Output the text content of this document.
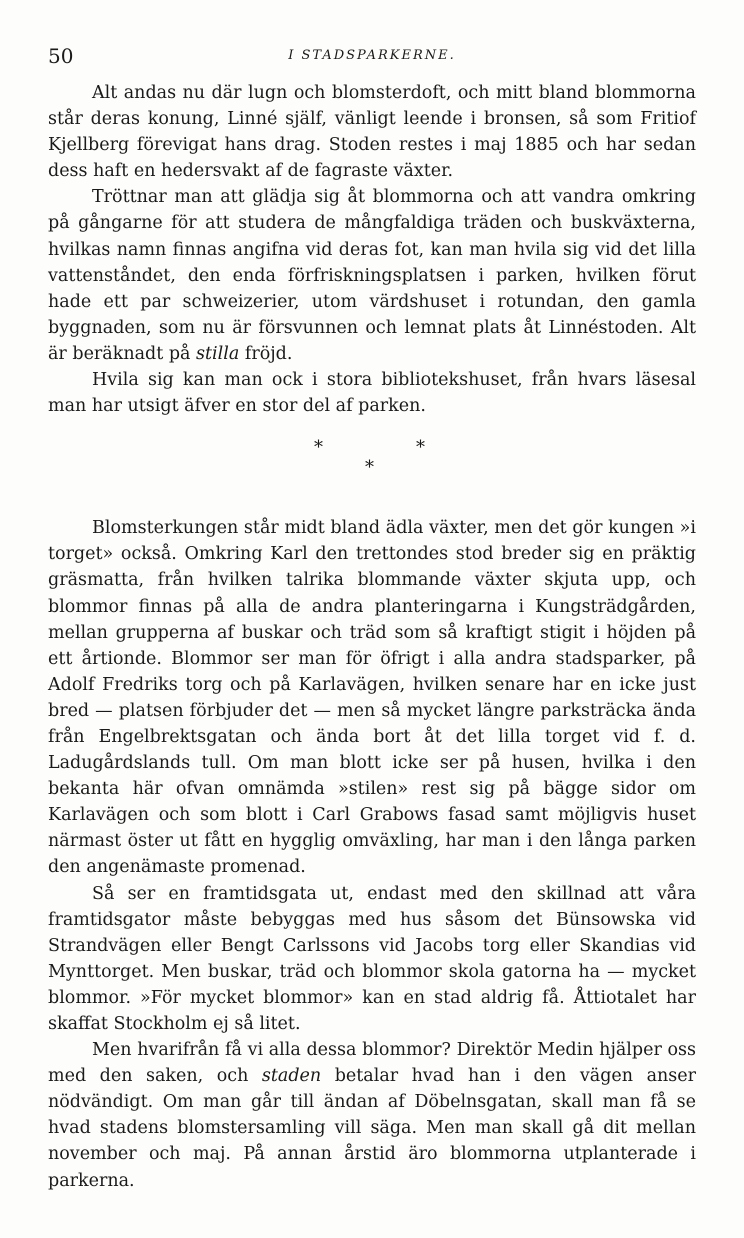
50	I STADSPARKERNE.

Alt andas nu där lugn och blomsterdoft, och mitt bland blommorna står deras konung, Linné själf, vänligt leende i bronsen, så som Fritiof Kjellberg förevigat hans drag. Stoden restes i maj 1885 och har sedan dess haft en hedersvakt af de fagraste växter.

Tröttnar man att glädja sig åt blommorna och att vandra omkring på gångarne för att studera de mångfaldiga träden och buskväxterna, hvilkas namn finnas angifna vid deras fot, kan man hvila sig vid det lilla vattenståndet, den enda förfriskningsplatsen i parken, hvilken förut hade ett par schweizerier, utom värdshuset i rotundan, den gamla byggnaden, som nu är försvunnen och lemnat plats åt Linnéstoden. Alt är beräknadt på stilla fröjd.

Hvila sig kan man ock i stora bibliotekshuset, från hvars läsesal man har utsigt äfver en stor del af parken.

*	*
*

Blomsterkungen står midt bland ädla växter, men det gör kungen »i torget» också. Omkring Karl den trettondes stod breder sig en präktig gräsmatta, från hvilken talrika blommande växter skjuta upp, och blommor finnas på alla de andra planteringarna i Kungsträdgården, mellan grupperna af buskar och träd som så kraftigt stigit i höjden på ett årtionde. Blommor ser man för öfrigt i alla andra stadsparker, på Adolf Fredriks torg och på Karlavägen, hvilken senare har en icke just bred — platsen förbjuder det — men så mycket längre parksträcka ända från Engelbrektsgatan och ända bort åt det lilla torget vid f. d. Ladugårdslands tull. Om man blott icke ser på husen, hvilka i den bekanta här ofvan omnämda »stilen» rest sig på bägge sidor om Karlavägen och som blott i Carl Grabows fasad samt möjligvis huset närmast öster ut fått en hygglig omväxling, har man i den långa parken den angenämaste promenad.

Så ser en framtidsgata ut, endast med den skillnad att våra framtidsgator måste bebyggas med hus såsom det Bünsowska vid Strandvägen eller Bengt Carlssons vid Jacobs torg eller Skandias vid Mynttorget. Men buskar, träd och blommor skola gatorna ha — mycket blommor. »För mycket blommor» kan en stad aldrig få. Åttiotalet har skaffat Stockholm ej så litet.

Men hvarifrån få vi alla dessa blommor? Direktör Medin hjälper oss med den saken, och staden betalar hvad han i den vägen anser nödvändigt. Om man går till ändan af Döbelnsgatan, skall man få se hvad stadens blomstersamling vill säga. Men man skall gå dit mellan november och maj. På annan årstid äro blommorna utplanterade i parkerna.
